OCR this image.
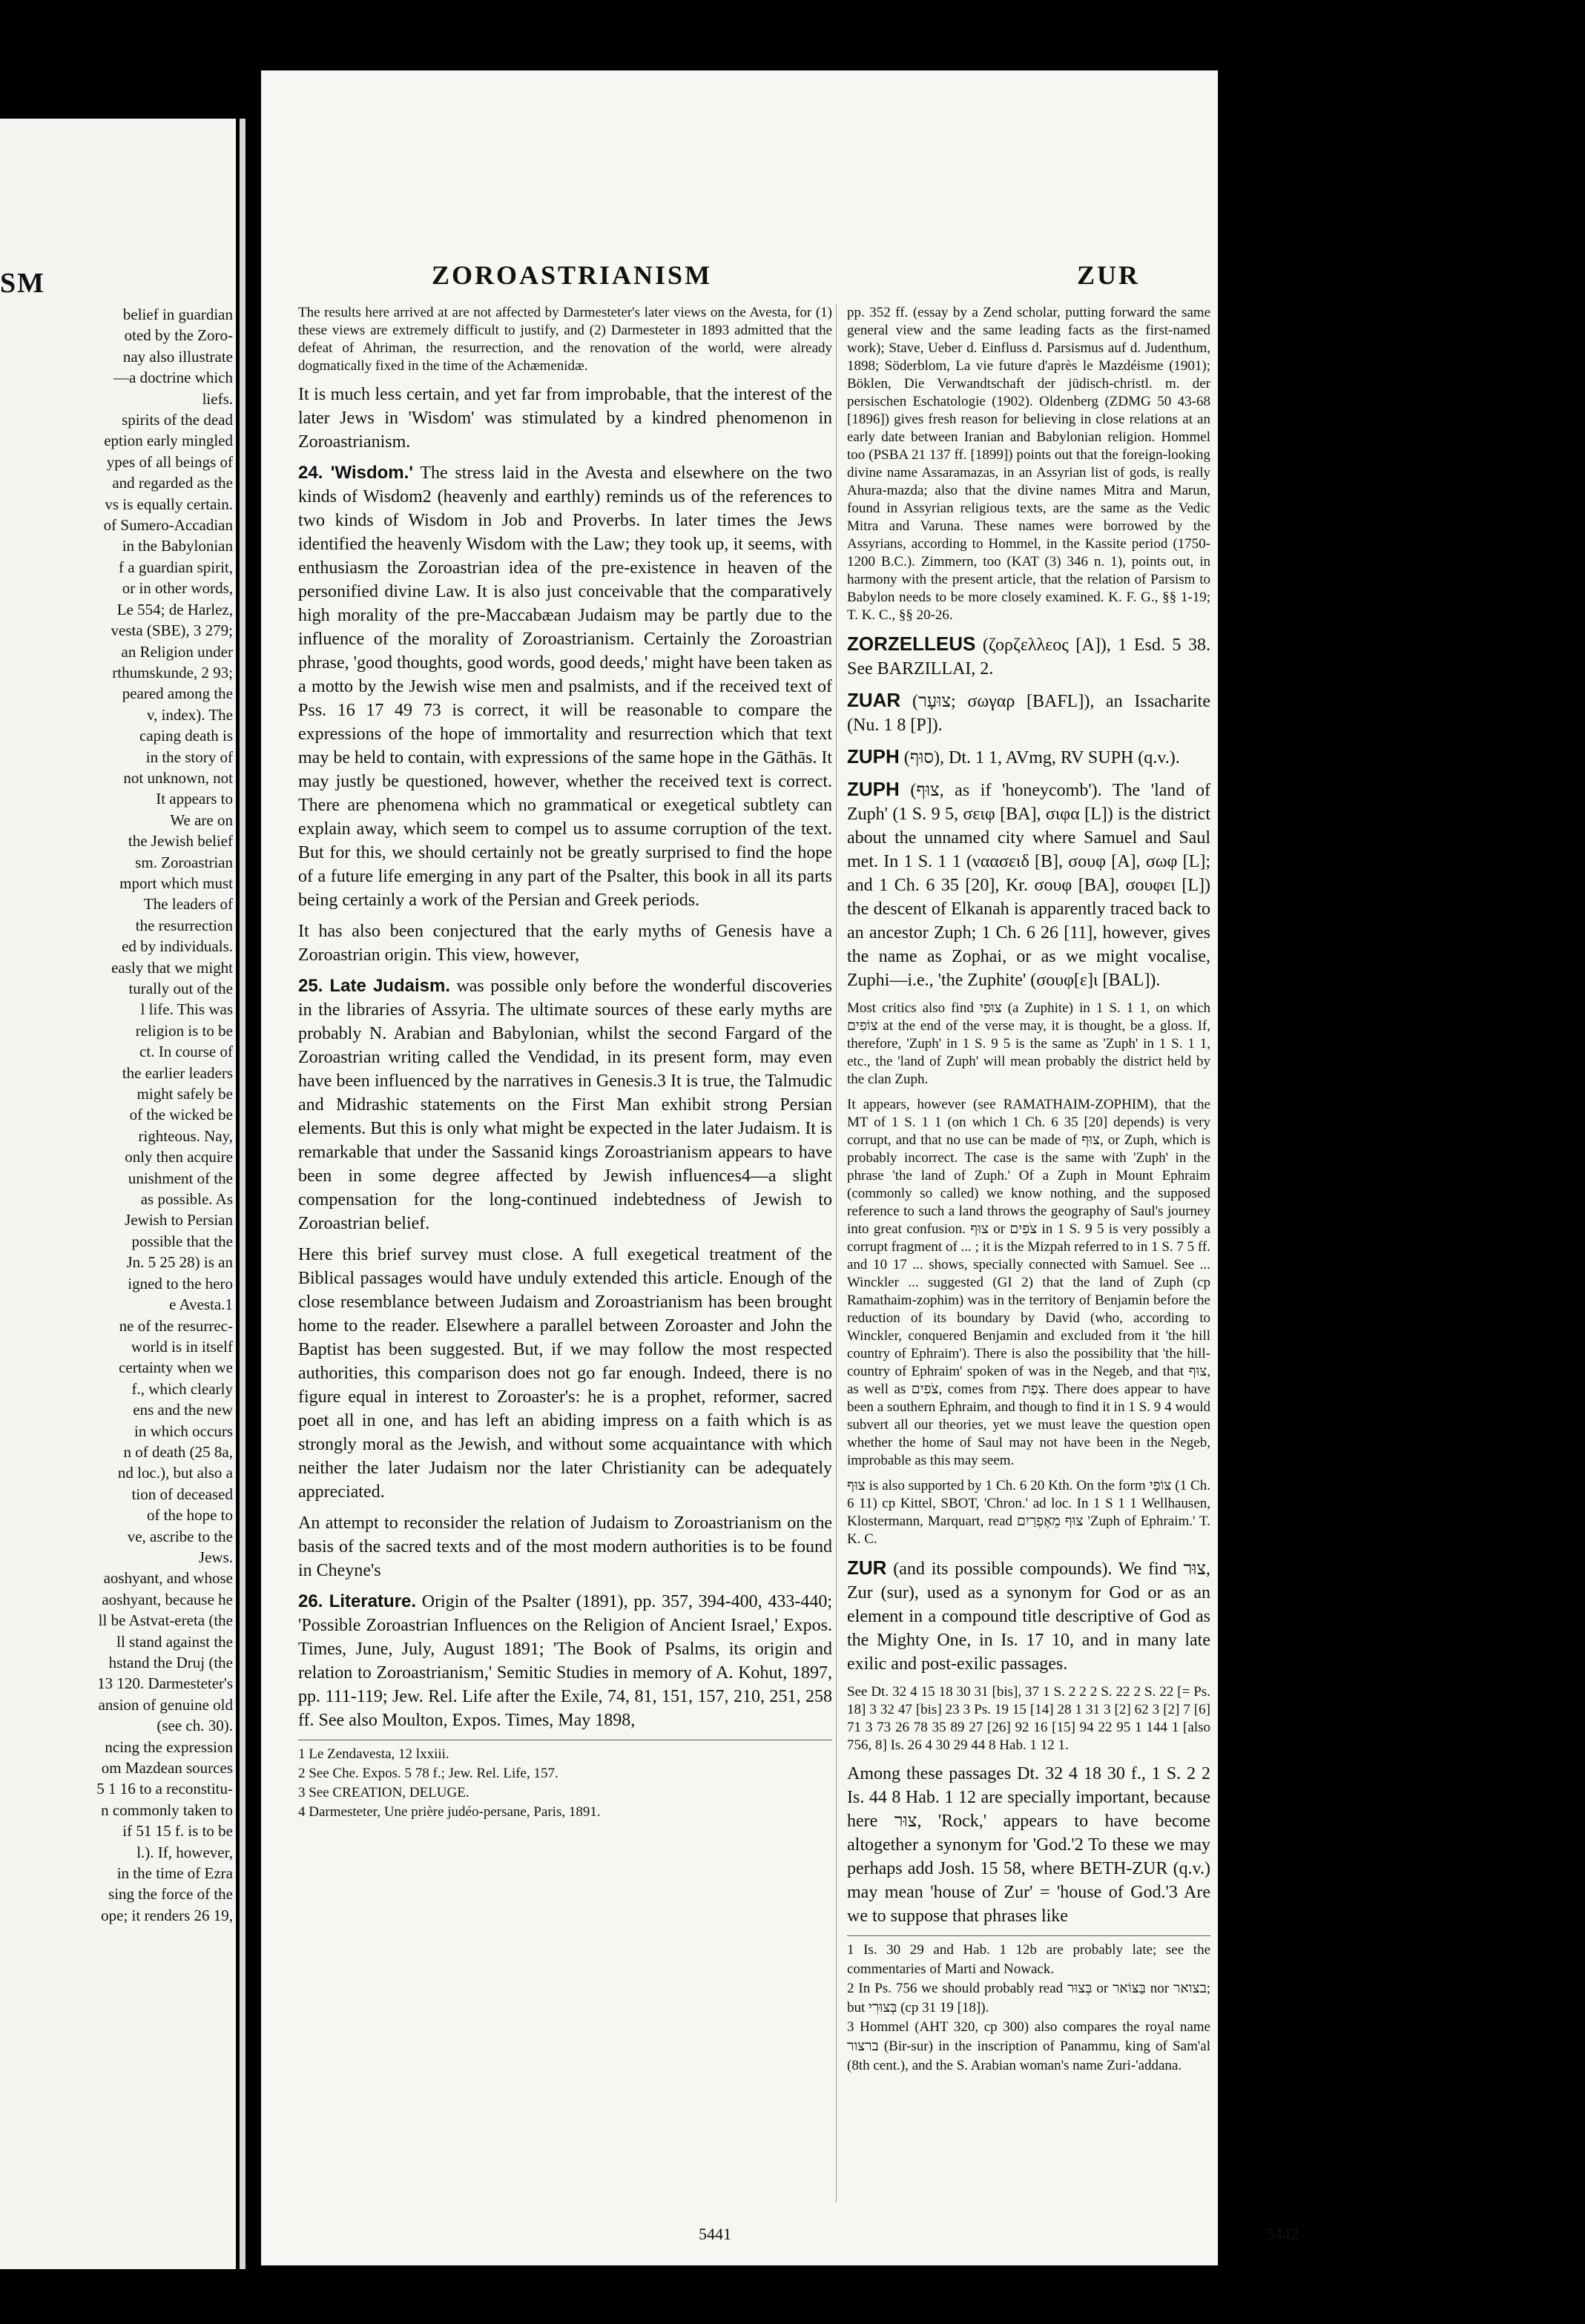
SM

belief in guardian

oted by the Zoro-

nay also illustrate

—a doctrine which

liefs.

spirits of the dead

eption early mingled

ypes of all beings of

and regarded as the

vs is equally certain.

of Sumero-Accadian

in the Babylonian

f a guardian spirit,

or in other words,

Le 554; de Harlez,

vesta (SBE), 3 279;

an Religion under

rthumskunde, 2 93;

peared among the

v, index). The

caping death is

in the story of

not unknown, not

It appears to

We are on

the Jewish belief

sm. Zoroastrian

mport which must

The leaders of

the resurrection

ed by individuals.

easly that we might

turally out of the

l life. This was

religion is to be

ct. In course of

the earlier leaders

might safely be

of the wicked be

righteous. Nay,

only then acquire

unishment of the

as possible. As

Jewish to Persian

possible that the

Jn. 5 25 28) is an

igned to the hero

e Avesta.1

ne of the resurrec-

world is in itself

certainty when we

f., which clearly

ens and the new

in which occurs

n of death (25 8a,

nd loc.), but also a

tion of deceased

of the hope to

ve, ascribe to the

Jews.

aoshyant, and whose

aoshyant, because he

ll be Astvat-ereta (the

ll stand against the

hstand the Druj (the

13 120. Darmesteter's

ansion of genuine old

(see ch. 30).

ncing the expression

om Mazdean sources

5 1 16 to a reconstitu-

n commonly taken to

if 51 15 f. is to be

l.). If, however,

in the time of Ezra

sing the force of the

ope; it renders 26 19,

ZOROASTRIANISM	ZUR

The results here arrived at are not affected by Darmesteter's later views on the Avesta, for (1) these views are extremely difficult to justify, and (2) Darmesteter in 1893 admitted that the defeat of Ahriman, the resurrection, and the renovation of the world, were already dogmatically fixed in the time of the Achæmenidæ.

It is much less certain, and yet far from improbable, that the interest of the later Jews in 'Wisdom' was stimulated by a kindred phenomenon in Zoroastrianism.

24. 'Wisdom.' The stress laid in the Avesta and elsewhere on the two kinds of Wisdom2 (heavenly and earthly) reminds us of the references to two kinds of Wisdom in Job and Proverbs. In later times the Jews identified the heavenly Wisdom with the Law; they took up, it seems, with enthusiasm the Zoroastrian idea of the pre-existence in heaven of the personified divine Law. It is also just conceivable that the comparatively high morality of the pre-Maccabæan Judaism may be partly due to the influence of the morality of Zoroastrianism. Certainly the Zoroastrian phrase, 'good thoughts, good words, good deeds,' might have been taken as a motto by the Jewish wise men and psalmists, and if the received text of Pss. 16 17 49 73 is correct, it will be reasonable to compare the expressions of the hope of immortality and resurrection which that text may be held to contain, with expressions of the same hope in the Gāthās. It may justly be questioned, however, whether the received text is correct. There are phenomena which no grammatical or exegetical subtlety can explain away, which seem to compel us to assume corruption of the text. But for this, we should certainly not be greatly surprised to find the hope of a future life emerging in any part of the Psalter, this book in all its parts being certainly a work of the Persian and Greek periods.

It has also been conjectured that the early myths of Genesis have a Zoroastrian origin. This view, however,

25. Late Judaism. was possible only before the wonderful discoveries in the libraries of Assyria. The ultimate sources of these early myths are probably N. Arabian and Babylonian, whilst the second Fargard of the Zoroastrian writing called the Vendidad, in its present form, may even have been influenced by the narratives in Genesis.3 It is true, the Talmudic and Midrashic statements on the First Man exhibit strong Persian elements. But this is only what might be expected in the later Judaism. It is remarkable that under the Sassanid kings Zoroastrianism appears to have been in some degree affected by Jewish influences4—a slight compensation for the long-continued indebtedness of Jewish to Zoroastrian belief.

Here this brief survey must close. A full exegetical treatment of the Biblical passages would have unduly extended this article. Enough of the close resemblance between Judaism and Zoroastrianism has been brought home to the reader. Elsewhere a parallel between Zoroaster and John the Baptist has been suggested. But, if we may follow the most respected authorities, this comparison does not go far enough. Indeed, there is no figure equal in interest to Zoroaster's: he is a prophet, reformer, sacred poet all in one, and has left an abiding impress on a faith which is as strongly moral as the Jewish, and without some acquaintance with which neither the later Judaism nor the later Christianity can be adequately appreciated.

An attempt to reconsider the relation of Judaism to Zoroastrianism on the basis of the sacred texts and of the most modern authorities is to be found in Cheyne's

26. Literature. Origin of the Psalter (1891), pp. 357, 394-400, 433-440; 'Possible Zoroastrian Influences on the Religion of Ancient Israel,' Expos. Times, June, July, August 1891; 'The Book of Psalms, its origin and relation to Zoroastrianism,' Semitic Studies in memory of A. Kohut, 1897, pp. 111-119; Jew. Rel. Life after the Exile, 74, 81, 151, 157, 210, 251, 258 ff. See also Moulton, Expos. Times, May 1898,

1 Le Zendavesta, 12 lxxiii.

2 See Che. Expos. 5 78 f.; Jew. Rel. Life, 157.

3 See CREATION, DELUGE.

4 Darmesteter, Une prière judéo-persane, Paris, 1891.

pp. 352 ff. (essay by a Zend scholar, putting forward the same general view and the same leading facts as the first-named work); Stave, Ueber d. Einfluss d. Parsismus auf d. Judenthum, 1898; Söderblom, La vie future d'après le Mazdéisme (1901); Böklen, Die Verwandtschaft der jüdisch-christl. m. der persischen Eschatologie (1902). Oldenberg (ZDMG 50 43-68 [1896]) gives fresh reason for believing in close relations at an early date between Iranian and Babylonian religion. Hommel too (PSBA 21 137 ff. [1899]) points out that the foreign-looking divine name Assaramazas, in an Assyrian list of gods, is really Ahura-mazda; also that the divine names Mitra and Marun, found in Assyrian religious texts, are the same as the Vedic Mitra and Varuna. These names were borrowed by the Assyrians, according to Hommel, in the Kassite period (1750-1200 B.C.). Zimmern, too (KAT (3) 346 n. 1), points out, in harmony with the present article, that the relation of Parsism to Babylon needs to be more closely examined. K. F. G., §§ 1-19; T. K. C., §§ 20-26.

ZORZELLEUS (ζορζελλεος [A]), 1 Esd. 5 38. See BARZILLAI, 2.

ZUAR (צוּעָר; σωγαρ [BAFL]), an Issacharite (Nu. 1 8 [P]).

ZUPH (סוּף), Dt. 1 1, AVmg, RV SUPH (q.v.).

ZUPH (צוּף, as if 'honeycomb'). The 'land of Zuph' (1 S. 9 5, σειφ [BA], σιφα [L]) is the district about the unnamed city where Samuel and Saul met. In 1 S. 1 1 (ναασειδ [B], σουφ [A], σωφ [L]; and 1 Ch. 6 35 [20], Kr. σουφ [BA], σουφει [L]) the descent of Elkanah is apparently traced back to an ancestor Zuph; 1 Ch. 6 26 [11], however, gives the name as Zophai, or as we might vocalise, Zuphi—i.e., 'the Zuphite' (σουφ[ε]ι [BAL]).

Most critics also find צוּפִי (a Zuphite) in 1 S. 1 1, on which צוֹפִים at the end of the verse may, it is thought, be a gloss. If, therefore, 'Zuph' in 1 S. 9 5 is the same as 'Zuph' in 1 S. 1 1, etc., the 'land of Zuph' will mean probably the district held by the clan Zuph.

It appears, however (see RAMATHAIM-ZOPHIM), that the MT of 1 S. 1 1 (on which 1 Ch. 6 35 [20] depends) is very corrupt, and that no use can be made of צוּף, or Zuph, which is probably incorrect. The case is the same with 'Zuph' in the phrase 'the land of Zuph.' Of a Zuph in Mount Ephraim (commonly so called) we know nothing, and the supposed reference to such a land throws the geography of Saul's journey into great confusion. צוּף or צֹפִים in 1 S. 9 5 is very possibly a corrupt fragment of ... ; it is the Mizpah referred to in 1 S. 7 5 ff. and 10 17 ... shows, specially connected with Samuel. See ... Winckler ... suggested (GI 2) that the land of Zuph (cp Ramathaim-zophim) was in the territory of Benjamin before the reduction of its boundary by David (who, according to Winckler, conquered Benjamin and excluded from it 'the hill country of Ephraim'). There is also the possibility that 'the hill-country of Ephraim' spoken of was in the Negeb, and that צוּף, as well as צֹפִים, comes from צְפַת. There does appear to have been a southern Ephraim, and though to find it in 1 S. 9 4 would subvert all our theories, yet we must leave the question open whether the home of Saul may not have been in the Negeb, improbable as this may seem.

צוּף is also supported by 1 Ch. 6 20 Kth. On the form צוֹפַי (1 Ch. 6 11) cp Kittel, SBOT, 'Chron.' ad loc. In 1 S 1 1 Wellhausen, Klostermann, Marquart, read צוּף מֵאֶפְרַיִם 'Zuph of Ephraim.' T. K. C.

ZUR (and its possible compounds). We find צוּר, Zur (sur), used as a synonym for God or as an element in a compound title descriptive of God as the Mighty One, in Is. 17 10, and in many late exilic and post-exilic passages.

See Dt. 32 4 15 18 30 31 [bis], 37 1 S. 2 2 2 S. 22 2 S. 22 [= Ps. 18] 3 32 47 [bis] 23 3 Ps. 19 15 [14] 28 1 31 3 [2] 62 3 [2] 7 [6] 71 3 73 26 78 35 89 27 [26] 92 16 [15] 94 22 95 1 144 1 [also 756, 8] Is. 26 4 30 29 44 8 Hab. 1 12 1.

Among these passages Dt. 32 4 18 30 f., 1 S. 2 2 Is. 44 8 Hab. 1 12 are specially important, because here צוּר, 'Rock,' appears to have become altogether a synonym for 'God.'2 To these we may perhaps add Josh. 15 58, where BETH-ZUR (q.v.) may mean 'house of Zur' = 'house of God.'3 Are we to suppose that phrases like

1 Is. 30 29 and Hab. 1 12b are probably late; see the commentaries of Marti and Nowack.

2 In Ps. 756 we should probably read בְּצוּר or בַּצּוֹאר nor בצואר; but בְּצוּרִי (cp 31 19 [18]).

3 Hommel (AHT 320, cp 300) also compares the royal name ברצור (Bir-sur) in the inscription of Panammu, king of Sam'al (8th cent.), and the S. Arabian woman's name Zuri-'addana.

5441	5442
